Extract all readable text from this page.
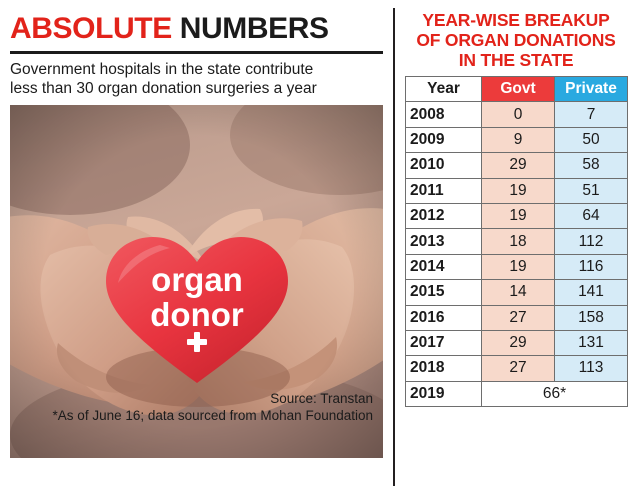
ABSOLUTE NUMBERS
Government hospitals in the state contribute
less than 30 organ donation surgeries a year
Source: Transtan
*As of June 16; data sourced from Mohan Foundation
YEAR-WISE BREAKUP
OF ORGAN DONATIONS
IN THE STATE
Year	Govt	Private
2008	0	7
2009	9	50
2010	29	58
2011	19	51
2012	19	64
2013	18	112
2014	19	116
2015	14	141
2016	27	158
2017	29	131
2018	27	113
2019	66*	
